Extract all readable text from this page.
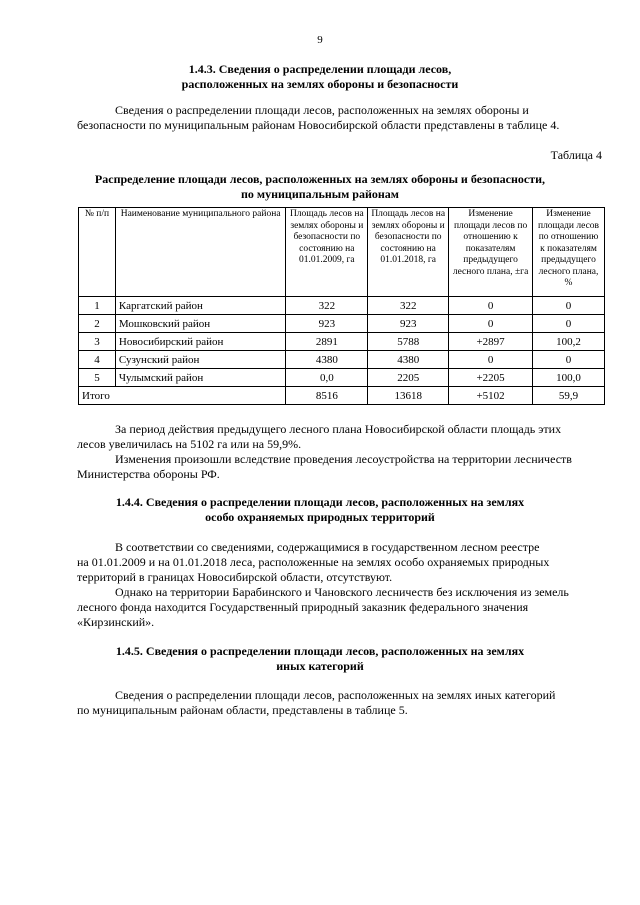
9
1.4.3. Сведения о распределении площади лесов,
расположенных на землях обороны и безопасности
Сведения о распределении площади лесов, расположенных на землях обороны и
безопасности по муниципальным районам Новосибирской области представлены в таблице 4.
Таблица 4
Распределение площади лесов, расположенных на землях обороны и безопасности,
по муниципальным районам
№ п/п	Наименование муниципального района	Площадь лесов на землях обороны и безопасности по состоянию на 01.01.2009, га	Площадь лесов на землях обороны и безопасности по состоянию на 01.01.2018, га	Изменение площади лесов по отношению к показателям предыдущего лесного плана, ±га	Изменение площади лесов по отношению к показателям предыдущего лесного плана, %
1	Каргатский район	322	322	0	0
2	Мошковский район	923	923	0	0
3	Новосибирский район	2891	5788	+2897	100,2
4	Сузунский район	4380	4380	0	0
5	Чулымский район	0,0	2205	+2205	100,0
Итого		8516	13618	+5102	59,9
За период действия предыдущего лесного плана Новосибирской области площадь этих
лесов увеличилась на 5102 га или на 59,9%.
Изменения произошли вследствие проведения лесоустройства на территории лесничеств
Министерства обороны РФ.
1.4.4. Сведения о распределении площади лесов, расположенных на землях
особо охраняемых природных территорий
В соответствии со сведениями, содержащимися в государственном лесном реестре
на 01.01.2009 и на 01.01.2018 леса, расположенные на землях особо охраняемых природных
территорий в границах Новосибирской области, отсутствуют.
Однако на территории Барабинского и Чановского лесничеств без исключения из земель
лесного фонда находится Государственный природный заказник федерального значения
«Кирзинский».
1.4.5. Сведения о распределении площади лесов, расположенных на землях
иных категорий
Сведения о распределении площади лесов, расположенных на землях иных категорий
по муниципальным районам области, представлены в таблице 5.
